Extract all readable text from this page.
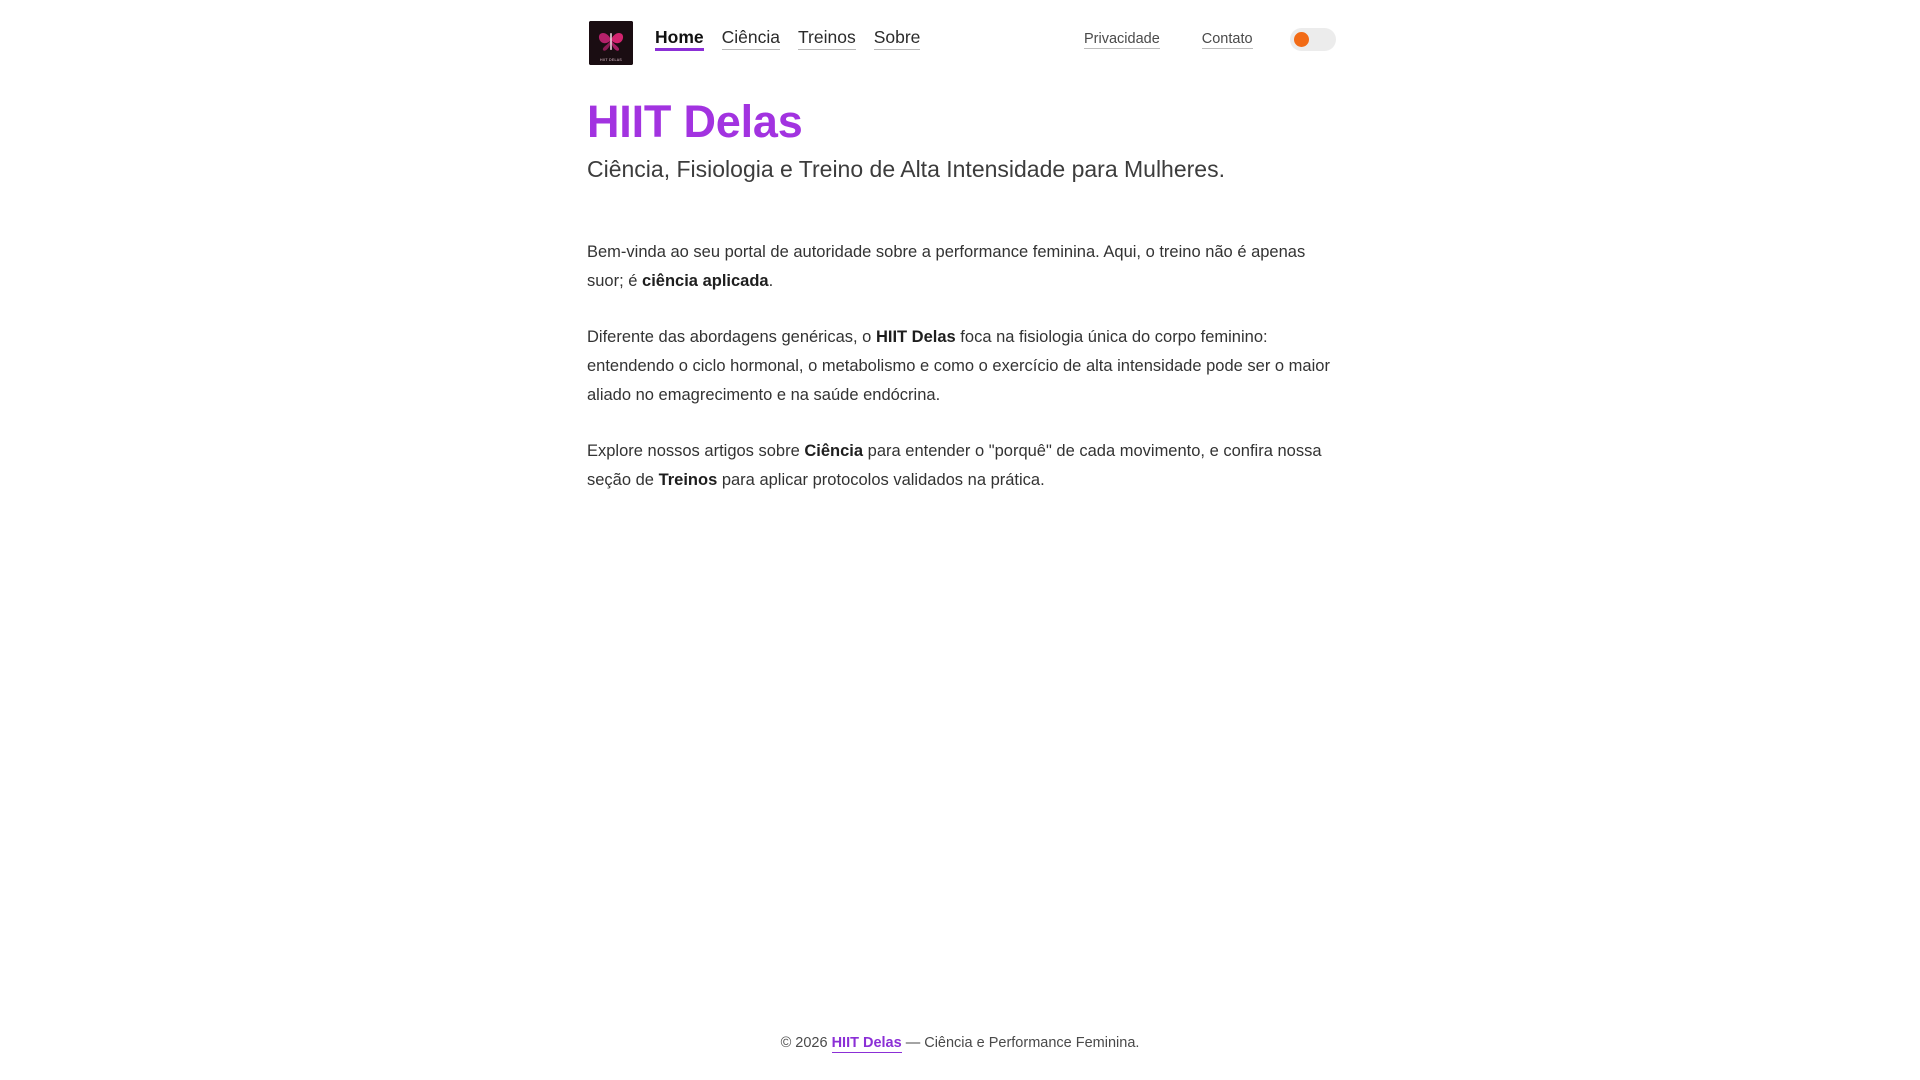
HIIT DELAS
Home Ciência Treinos Sobre	Privacidade	Contato
HIIT Delas
Ciência, Fisiologia e Treino de Alta Intensidade para Mulheres.

Bem-vinda ao seu portal de autoridade sobre a performance feminina. Aqui, o treino não é apenas suor; é ciência aplicada.

Diferente das abordagens genéricas, o HIIT Delas foca na fisiologia única do corpo feminino: entendendo o ciclo hormonal, o metabolismo e como o exercício de alta intensidade pode ser o maior aliado no emagrecimento e na saúde endócrina.

Explore nossos artigos sobre Ciência para entender o "porquê" de cada movimento, e confira nossa seção de Treinos para aplicar protocolos validados na prática.

© 2026 HIIT Delas — Ciência e Performance Feminina.
